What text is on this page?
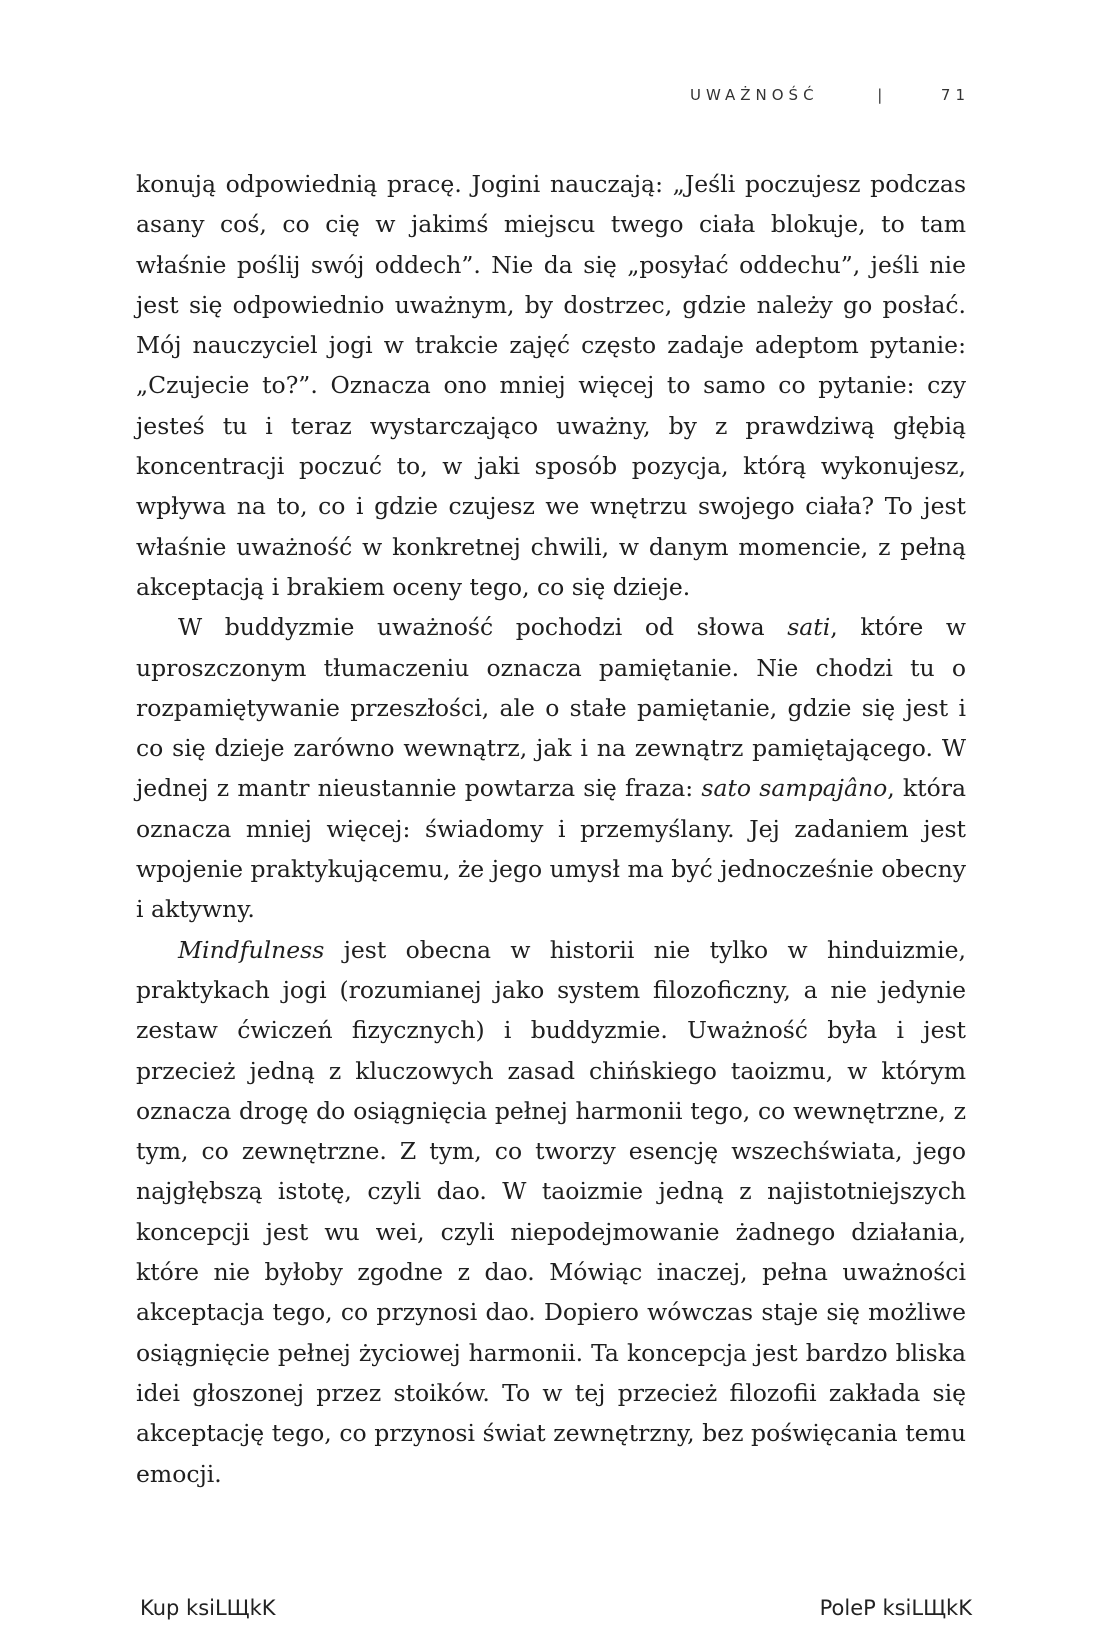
UWAŻNOŚĆ	|	71

konują odpowiednią pracę. Jogini nauczają: „Jeśli poczujesz podczas asany coś, co cię w jakimś miejscu twego ciała blokuje, to tam właśnie poślij swój oddech”. Nie da się „posyłać oddechu”, jeśli nie jest się odpowiednio uważnym, by dostrzec, gdzie należy go posłać. Mój nauczyciel jogi w trakcie zajęć często zadaje adeptom pytanie: „Czujecie to?”. Oznacza ono mniej więcej to samo co pytanie: czy jesteś tu i teraz wystarczająco uważny, by z prawdziwą głębią koncentracji poczuć to, w jaki sposób pozycja, którą wykonujesz, wpływa na to, co i gdzie czujesz we wnętrzu swojego ciała? To jest właśnie uważność w konkretnej chwili, w danym momencie, z pełną akceptacją i brakiem oceny tego, co się dzieje.

W buddyzmie uważność pochodzi od słowa sati, które w uproszczonym tłumaczeniu oznacza pamiętanie. Nie chodzi tu o rozpamiętywanie przeszłości, ale o stałe pamiętanie, gdzie się jest i co się dzieje zarówno wewnątrz, jak i na zewnątrz pamiętającego. W jednej z mantr nieustannie powtarza się fraza: sato sampajâno, która oznacza mniej więcej: świadomy i przemyślany. Jej zadaniem jest wpojenie praktykującemu, że jego umysł ma być jednocześnie obecny i aktywny.

Mindfulness jest obecna w historii nie tylko w hinduizmie, praktykach jogi (rozumianej jako system filozoficzny, a nie jedynie zestaw ćwiczeń fizycznych) i buddyzmie. Uważność była i jest przecież jedną z kluczowych zasad chińskiego taoizmu, w którym oznacza drogę do osiągnięcia pełnej harmonii tego, co wewnętrzne, z tym, co zewnętrzne. Z tym, co tworzy esencję wszechświata, jego najgłębszą istotę, czyli dao. W taoizmie jedną z najistotniejszych koncepcji jest wu wei, czyli niepodejmowanie żadnego działania, które nie byłoby zgodne z dao. Mówiąc inaczej, pełna uważności akceptacja tego, co przynosi dao. Dopiero wówczas staje się możliwe osiągnięcie pełnej życiowej harmonii. Ta koncepcja jest bardzo bliska idei głoszonej przez stoików. To w tej przecież filozofii zakłada się akceptację tego, co przynosi świat zewnętrzny, bez poświęcania temu emocji.

Kup ksiLЩkK	PoleP ksiLЩkK
